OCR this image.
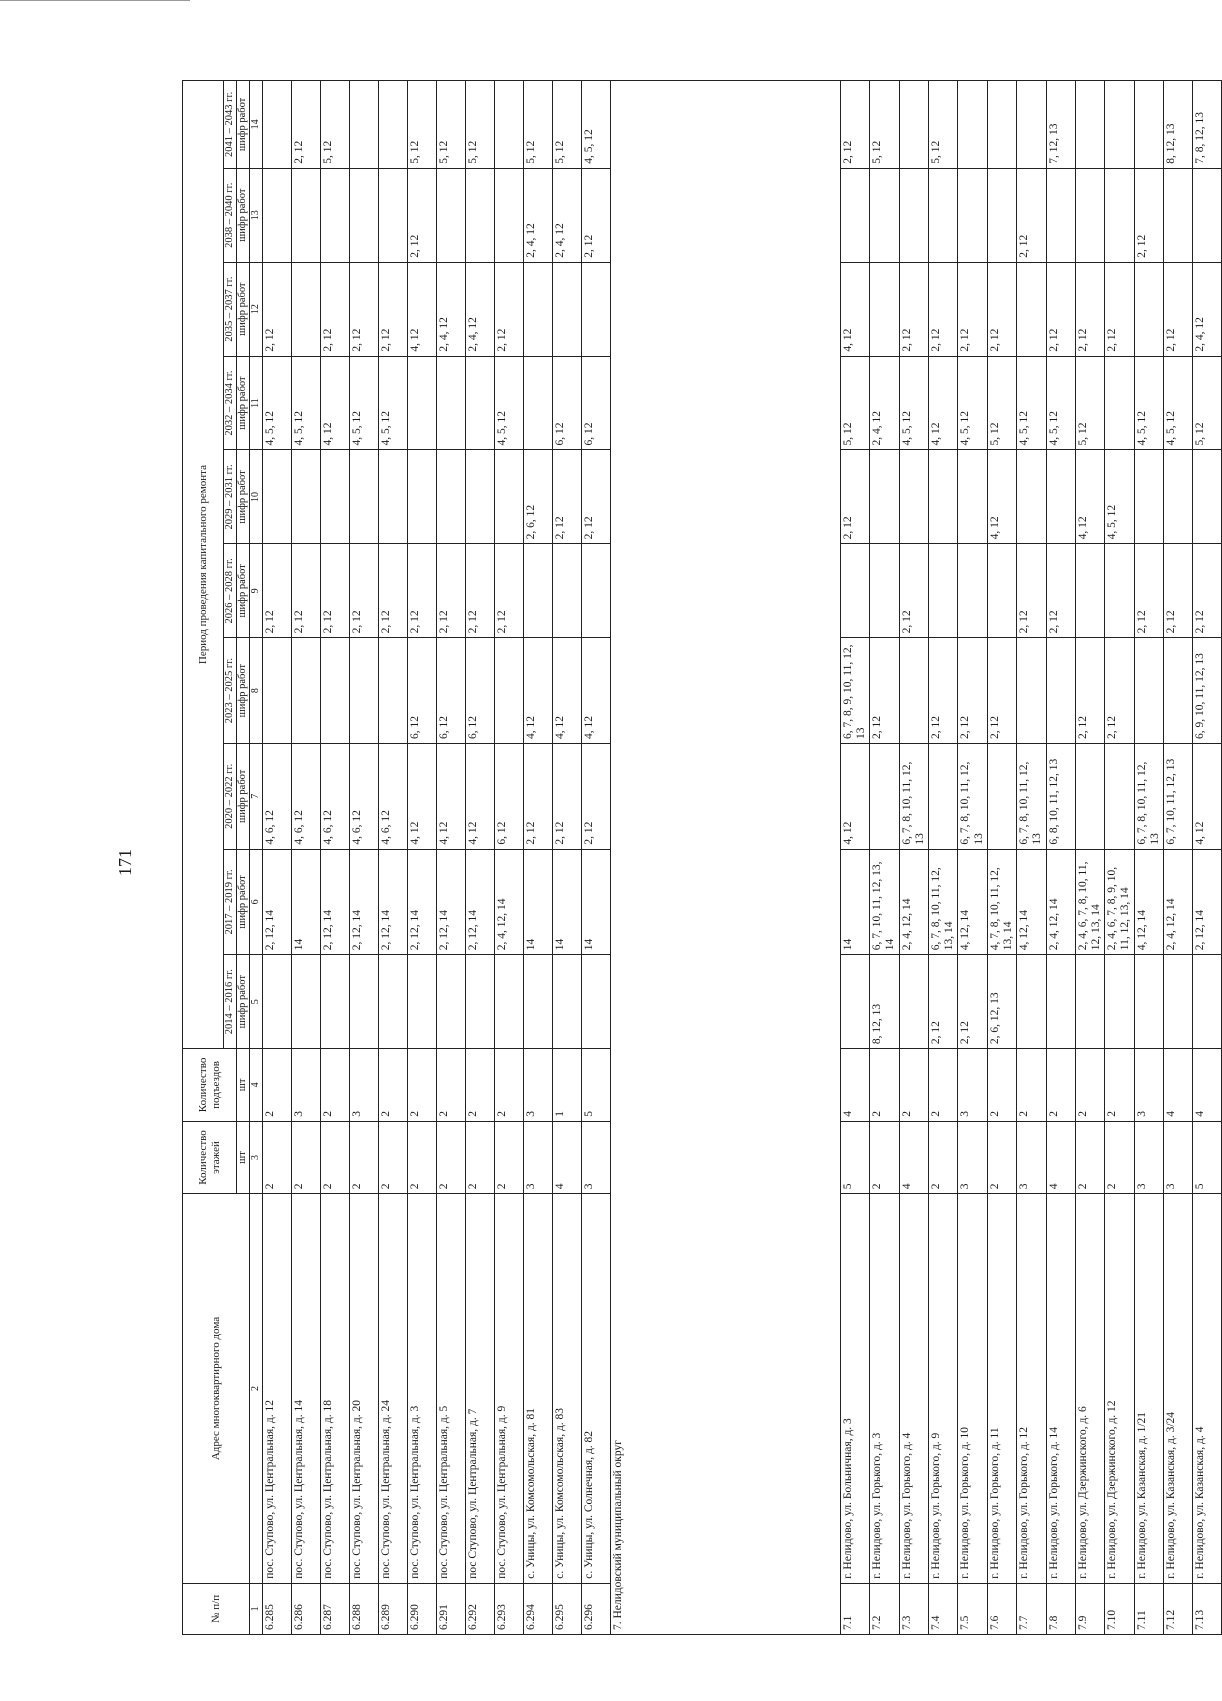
171
№ п/п	Адрес многоквартирного дома	Количество этажей	Количество подъездов	Период проведения капитального ремонта									
				2014 – 2016 гг.	2017 – 2019 гг.	2020 – 2022 гг.	2023 – 2025 гг.	2026 – 2028 гг.	2029 – 2031 гг.	2032 – 2034 гг.	2035 – 2037 гг.	2038 – 2040 гг.	2041 – 2043 гг.
		шт	шт	шифр работ	шифр работ	шифр работ	шифр работ	шифр работ	шифр работ	шифр работ	шифр работ	шифр работ	шифр работ
1	2	3	4	5	6	7	8	9	10	11	12	13	14
6.285	пос. Ступово, ул. Центральная, д. 12	2	2		2, 12, 14	4, 6, 12		2, 12		4, 5, 12	2, 12		
6.286	пос. Ступово, ул. Центральная, д. 14	2	3		14	4, 6, 12		2, 12		4, 5, 12			2, 12
6.287	пос. Ступово, ул. Центральная, д. 18	2	2		2, 12, 14	4, 6, 12		2, 12		4, 12	2, 12		5, 12
6.288	пос. Ступово, ул. Центральная, д. 20	2	3		2, 12, 14	4, 6, 12		2, 12		4, 5, 12	2, 12		
6.289	пос. Ступово, ул. Центральная, д. 24	2	2		2, 12, 14	4, 6, 12		2, 12		4, 5, 12	2, 12		
6.290	пос. Ступово, ул. Центральная, д. 3	2	2		2, 12, 14	4, 12	6, 12	2, 12			4, 12	2, 12	5, 12
6.291	пос. Ступово, ул. Центральная, д. 5	2	2		2, 12, 14	4, 12	6, 12	2, 12			2, 4, 12		5, 12
6.292	пос Ступово, ул. Центральная, д. 7	2	2		2, 12, 14	4, 12	6, 12	2, 12			2, 4, 12		5, 12
6.293	пос. Ступово, ул. Центральная, д. 9	2	2		2, 4, 12, 14	6, 12		2, 12		4, 5, 12	2, 12		
6.294	с. Уницы, ул. Комсомольская, д. 81	3	3		14	2, 12	4, 12		2, 6, 12			2, 4, 12	5, 12
6.295	с. Уницы, ул. Комсомольская, д. 83	4	1		14	2, 12	4, 12		2, 12	6, 12		2, 4, 12	5, 12
6.296	с. Уницы, ул. Солнечная, д. 82	3	5		14	2, 12	4, 12		2, 12	6, 12		2, 12	4, 5, 12
7. Нелидовский муниципальный округ													
7.1	г. Нелидово, ул. Больничная, д. 3	5	4		14	4, 12	6, 7, 8, 9, 10, 11, 12, 13		2, 12	5, 12	4, 12		2, 12
7.2	г. Нелидово, ул. Горького, д. 3	2	2	8, 12, 13	6, 7, 10, 11, 12, 13, 14		2, 12			2, 4, 12			5, 12
7.3	г. Нелидово, ул. Горького, д. 4	4	2		2, 4, 12, 14	6, 7, 8, 10, 11, 12, 13		2, 12		4, 5, 12	2, 12		
7.4	г. Нелидово, ул. Горького, д. 9	2	2	2, 12	6, 7, 8, 10, 11, 12, 13, 14		2, 12			4, 12	2, 12		5, 12
7.5	г. Нелидово, ул. Горького, д. 10	3	3	2, 12	4, 12, 14	6, 7, 8, 10, 11, 12, 13	2, 12			4, 5, 12	2, 12		
7.6	г. Нелидово, ул. Горького, д. 11	2	2	2, 6, 12, 13	4, 7, 8, 10, 11, 12, 13, 14		2, 12		4, 12	5, 12	2, 12		
7.7	г. Нелидово, ул. Горького, д. 12	3	2		4, 12, 14	6, 7, 8, 10, 11, 12, 13		2, 12		4, 5, 12		2, 12	
7.8	г. Нелидово, ул. Горького, д. 14	4	2		2, 4, 12, 14	6, 8, 10, 11, 12, 13		2, 12		4, 5, 12	2, 12		7, 12, 13
7.9	г. Нелидово, ул. Дзержинского, д. 6	2	2		2, 4, 6, 7, 8, 10, 11, 12, 13, 14		2, 12		4, 12	5, 12	2, 12		
7.10	г. Нелидово, ул. Дзержинского, д. 12	2	2		2, 4, 6, 7, 8, 9, 10, 11, 12, 13, 14		2, 12		4, 5, 12		2, 12		
7.11	г. Нелидово, ул. Казанская, д. 1/21	3	3		4, 12, 14	6, 7, 8, 10, 11, 12, 13		2, 12		4, 5, 12		2, 12	
7.12	г. Нелидово, ул. Казанская, д. 3/24	3	4		2, 4, 12, 14	6, 7, 10, 11, 12, 13		2, 12		4, 5, 12	2, 12		8, 12, 13
7.13	г. Нелидово, ул. Казанская, д. 4	5	4		2, 12, 14	4, 12	6, 9, 10, 11, 12, 13	2, 12		5, 12	2, 4, 12		7, 8, 12, 13
